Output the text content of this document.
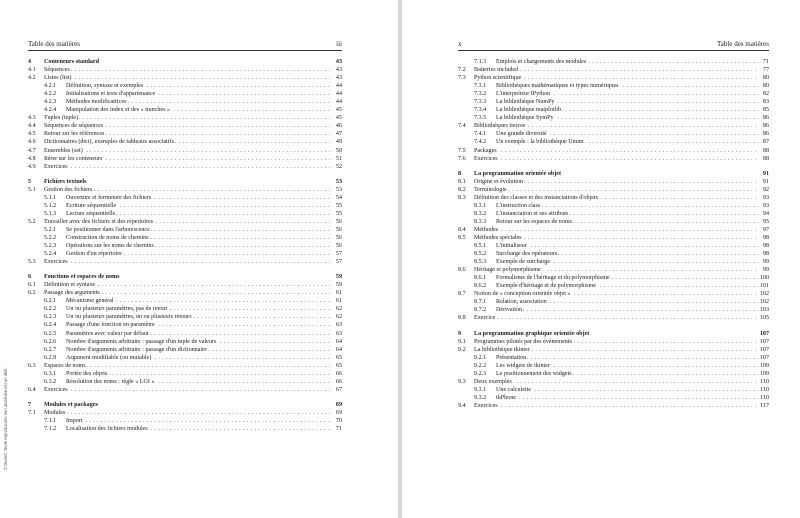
Table des matières	iii
4 Conteneurs standard	43
4.1 Séquences . . .	43
4.2 Listes (list) . . .	43
4.2.1 Définition, syntaxe et exemples . . .	44
4.2.2 Initialisations et tests d'appartenance . . .	44
4.2.3 Méthodes modificatrices . . .	44
4.2.4 Manipulation des index et des « tranches » . . .	45
4.3 Tuples (tuple) . . .	45
4.4 Séquences de séquences . . .	46
4.5 Retour sur les références . . .	47
4.6 Dictionnaires (dict), exemples de tableaux associatifs . . .	49
4.7 Ensembles (set) . . .	50
4.8 Itérer sur les conteneurs . . .	51
4.9 Exercices . . .	52
5 Fichiers textuels	53
5.1 Gestion des fichiers . . .	53
5.1.1 Ouverture et fermeture des fichiers . . .	54
5.1.2 Écriture séquentielle . . .	55
5.1.3 Lecture séquentielle . . .	55
5.2 Travailler avec des fichiers et des répertoires . . .	56
5.2.1 Se positionner dans l'arborescence . . .	56
5.2.2 Construction de noms de chemins . . .	56
5.2.3 Opérations sur les noms de chemins . . .	56
5.2.4 Gestion d'un répertoire . . .	57
5.3 Exercices . . .	57
6 Fonctions et espaces de noms	59
6.1 Définition et syntaxe . . .	59
6.2 Passage des arguments . . .	61
6.2.1 Mécanisme général . . .	61
6.2.2 Un ou plusieurs paramètres, pas de retour . . .	62
6.2.3 Un ou plusieurs paramètres, un ou plusieurs retours . . .	62
6.2.4 Passage d'une fonction en paramètre . . .	63
6.2.5 Paramètres avec valeur par défaut . . .	63
6.2.6 Nombre d'arguments arbitraire : passage d'un tuple de valeurs . . .	64
6.2.7 Nombre d'arguments arbitraire : passage d'un dictionnaire . . .	64
6.2.8 Argument modifiable (ou mutable) . . .	65
6.3 Espaces de noms . . .	65
6.3.1 Portée des objets . . .	66
6.3.2 Résolution des noms : règle « LGI » . . .	66
6.4 Exercices . . .	67
7 Modules et packages	69
7.1 Modules . . .	69
7.1.1 Import . . .	70
7.1.2 Localisation des fichiers modules . . .	71
© Dunod. Toute reproduction non autorisée est un délit.
x	Table des matières
7.1.3 Emplois et chargements des modules . . .	71
7.2 Batteries included . . .	77
7.3 Python scientifique . . .	80
7.3.1 Bibliothèques mathématiques et types numériques . . .	80
7.3.2 L'interpréteur IPython . . .	82
7.3.3 La bibliothèque NumPy . . .	83
7.3.4 La bibliothèque matplotlib . . .	85
7.3.5 La bibliothèque SymPy . . .	86
7.4 Bibliothèques tierces . . .	86
7.4.1 Une grande diversité . . .	86
7.4.2 Un exemple : la bibliothèque Unum . . .	87
7.5 Packages . . .	88
7.6 Exercices . . .	88
8 La programmation orientée objet	91
8.1 Origine et évolution . . .	91
8.2 Terminologie . . .	92
8.3 Définition des classes et des instanciations d'objets . . .	93
8.3.1 L'instruction class . . .	93
8.3.2 L'instanciation et ses attributs . . .	94
8.3.3 Retour sur les espaces de noms . . .	95
8.4 Méthodes . . .	97
8.5 Méthodes spéciales . . .	98
8.5.1 L'initialiseur . . .	98
8.5.2 Surcharge des opérateurs . . .	98
8.5.3 Exemple de surcharge . . .	99
8.6 Héritage et polymorphisme . . .	99
8.6.1 Formalisme de l'héritage et du polymorphisme . . .	100
8.6.2 Exemple d'héritage et de polymorphisme . . .	101
8.7 Notion de « conception orientée objet » . . .	102
8.7.1 Relation, association . . .	102
8.7.2 Dérivation . . .	103
8.8 Exercice . . .	105
9 La programmation graphique orientée objet	107
9.1 Programmes pilotés par des événements . . .	107
9.2 La bibliothèque tkinter . . .	107
9.2.1 Présentation . . .	107
9.2.2 Les widgets de tkinter . . .	109
9.2.3 Le positionnement des widgets . . .	109
9.3 Deux exemples . . .	110
9.3.1 Une calculette . . .	110
9.3.2 tkPhone . . .	110
9.4 Exercices . . .	117
